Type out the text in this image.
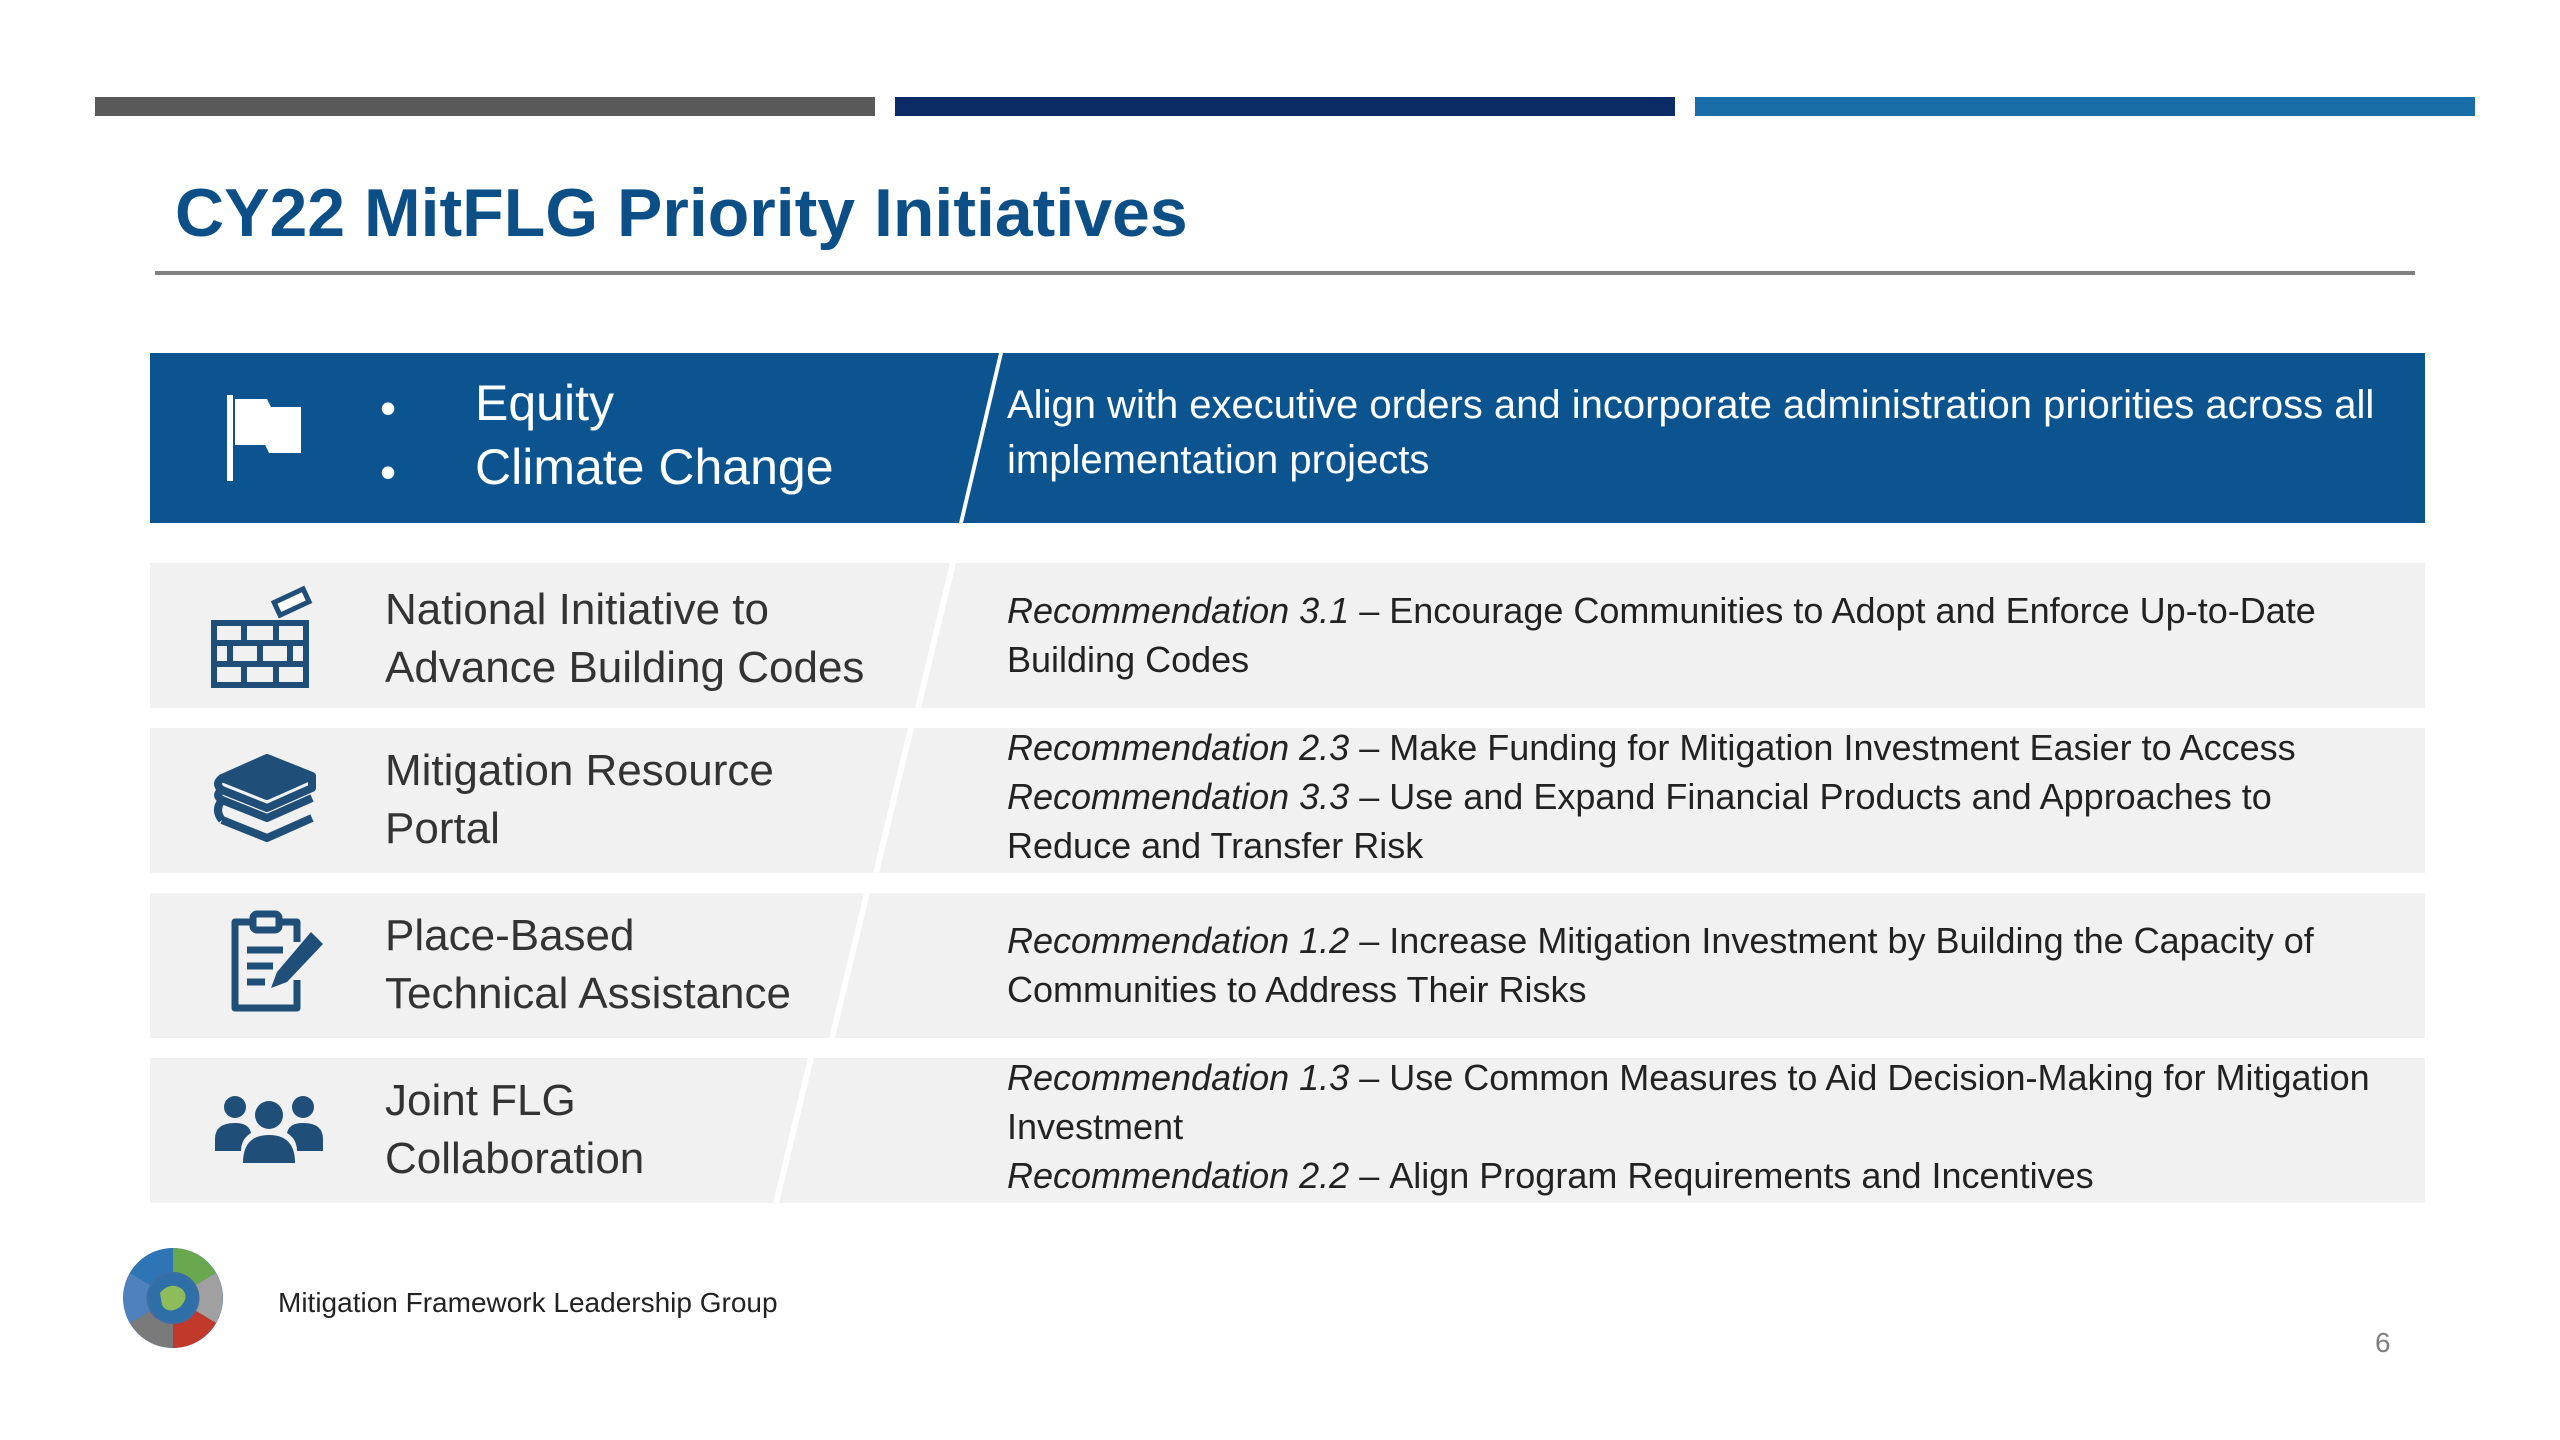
CY22 MitFLG Priority Initiatives
•
•
Equity
Climate Change
Align with executive orders and incorporate administration priorities across all implementation projects
National Initiative to
Advance Building Codes
Recommendation 3.1 – Encourage Communities to Adopt and Enforce Up-to-Date Building Codes
Mitigation Resource
Portal
Recommendation 2.3 – Make Funding for Mitigation Investment Easier to Access
Recommendation 3.3 – Use and Expand Financial Products and Approaches to Reduce and Transfer Risk
Place-Based
Technical Assistance
Recommendation 1.2 – Increase Mitigation Investment by Building the Capacity of Communities to Address Their Risks
Joint FLG
Collaboration
Recommendation 1.3 – Use Common Measures to Aid Decision-Making for Mitigation Investment
Recommendation 2.2 – Align Program Requirements and Incentives
Mitigation Framework Leadership Group
6
